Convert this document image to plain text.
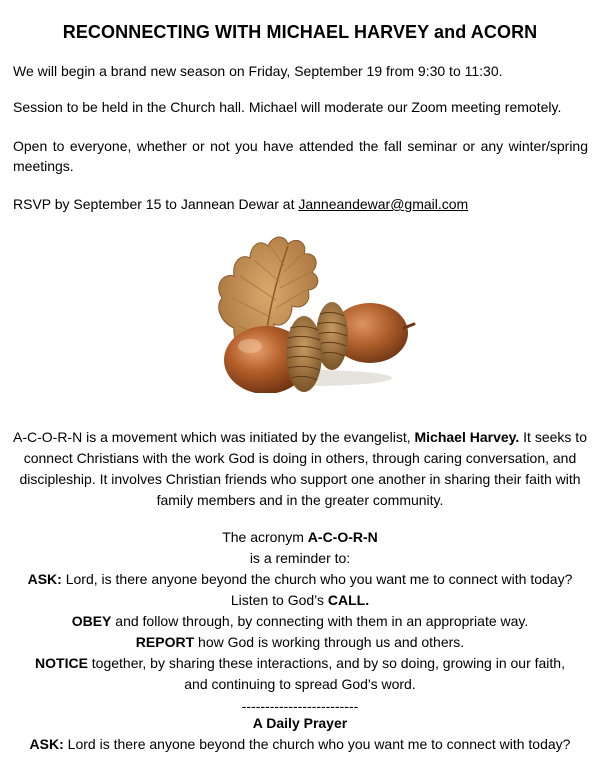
RECONNECTING WITH MICHAEL HARVEY and ACORN

We will begin a brand new season on Friday, September 19 from 9:30 to 11:30.

Session to be held in the Church hall. Michael will moderate our Zoom meeting remotely.

Open to everyone, whether or not you have attended the fall seminar or any winter/spring meetings.

RSVP by September 15 to Jannean Dewar at Janneandewar@gmail.com

A-C-O-R-N is a movement which was initiated by the evangelist, Michael Harvey. It seeks to connect Christians with the work God is doing in others, through caring conversation, and discipleship. It involves Christian friends who support one another in sharing their faith with family members and in the greater community.

The acronym A-C-O-R-N

is a reminder to:

ASK: Lord, is there anyone beyond the church who you want me to connect with today?

Listen to God’s CALL.

OBEY and follow through, by connecting with them in an appropriate way.

REPORT how God is working through us and others.

NOTICE together, by sharing these interactions, and by so doing, growing in our faith, and continuing to spread God's word.

-------------------------

A Daily Prayer

ASK: Lord is there anyone beyond the church who you want me to connect with today?
